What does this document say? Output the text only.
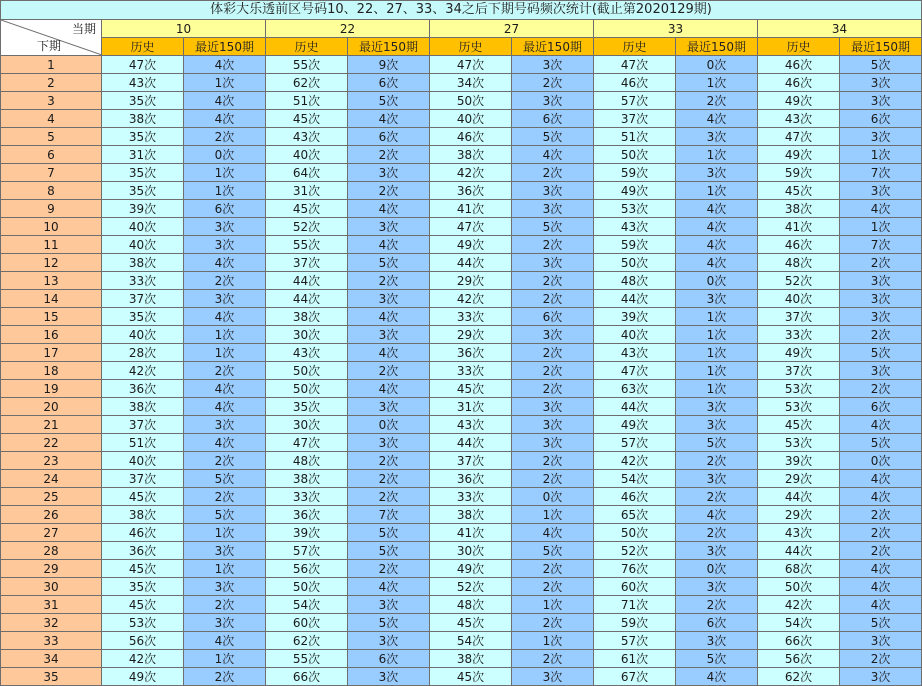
体彩大乐透前区号码10、22、27、33、34之后下期号码频次统计(截止第2020129期)										

当期
下期	10		22		27		33		34	
	历史	最近150期	历史	最近150期	历史	最近150期	历史	最近150期	历史	最近150期
1	47次	4次	55次	9次	47次	3次	47次	0次	46次	5次
2	43次	1次	62次	6次	34次	2次	46次	1次	46次	3次
3	35次	4次	51次	5次	50次	3次	57次	2次	49次	3次
4	38次	4次	45次	4次	40次	6次	37次	4次	43次	6次
5	35次	2次	43次	6次	46次	5次	51次	3次	47次	3次
6	31次	0次	40次	2次	38次	4次	50次	1次	49次	1次
7	35次	1次	64次	3次	42次	2次	59次	3次	59次	7次
8	35次	1次	31次	2次	36次	3次	49次	1次	45次	3次
9	39次	6次	45次	4次	41次	3次	53次	4次	38次	4次
10	40次	3次	52次	3次	47次	5次	43次	4次	41次	1次
11	40次	3次	55次	4次	49次	2次	59次	4次	46次	7次
12	38次	4次	37次	5次	44次	3次	50次	4次	48次	2次
13	33次	2次	44次	2次	29次	2次	48次	0次	52次	3次
14	37次	3次	44次	3次	42次	2次	44次	3次	40次	3次
15	35次	4次	38次	4次	33次	6次	39次	1次	37次	3次
16	40次	1次	30次	3次	29次	3次	40次	1次	33次	2次
17	28次	1次	43次	4次	36次	2次	43次	1次	49次	5次
18	42次	2次	50次	2次	33次	2次	47次	1次	37次	3次
19	36次	4次	50次	4次	45次	2次	63次	1次	53次	2次
20	38次	4次	35次	3次	31次	3次	44次	3次	53次	6次
21	37次	3次	30次	0次	43次	3次	49次	3次	45次	4次
22	51次	4次	47次	3次	44次	3次	57次	5次	53次	5次
23	40次	2次	48次	2次	37次	2次	42次	2次	39次	0次
24	37次	5次	38次	2次	36次	2次	54次	3次	29次	4次
25	45次	2次	33次	2次	33次	0次	46次	2次	44次	4次
26	38次	5次	36次	7次	38次	1次	65次	4次	29次	2次
27	46次	1次	39次	5次	41次	4次	50次	2次	43次	2次
28	36次	3次	57次	5次	30次	5次	52次	3次	44次	2次
29	45次	1次	56次	2次	49次	2次	76次	0次	68次	4次
30	35次	3次	50次	4次	52次	2次	60次	3次	50次	4次
31	45次	2次	54次	3次	48次	1次	71次	2次	42次	4次
32	53次	3次	60次	5次	45次	2次	59次	6次	54次	5次
33	56次	4次	62次	3次	54次	1次	57次	3次	66次	3次
34	42次	1次	55次	6次	38次	2次	61次	5次	56次	2次
35	49次	2次	66次	3次	45次	3次	67次	4次	62次	3次
